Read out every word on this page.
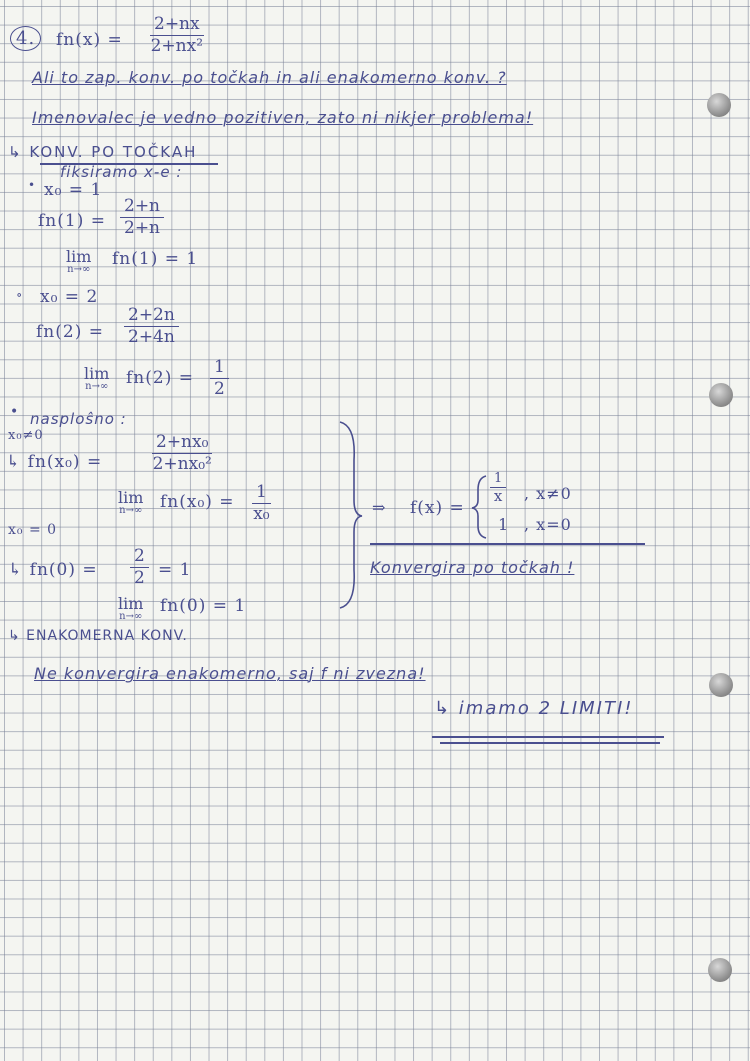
4.	$fn(x) = \frac{2+nx}{\text{2+nx²}}$
Ali to zap. konv. po točkah in ali enakomerno konv. ?
Imenovalec je vedno pozitiven, zato ni nikjer problema!
↳ KONV. PO TOČKAH
fiksiramo x-e :
• x₀ = 1
$fn(1) = \frac{2+n}{2+n}$
lim
n→∞
fn(1) = 1
∘ x₀ = 2
$fn(2) = \frac{2+2n}{2+4n}$
lim
n→∞ $fn(2) = \frac{1}{2}$
• nasploŝno :
x₀≠0
↳ fn(x₀) =	$\frac{\text{2+nx₀}}{\text{2+nx₀²}}$
lim
n→∞ $fn(x_0) = \frac{1}{\text{x₀}}$
x₀ = 0
↳ $fn(0) = \frac{2}{2} = 1$
lim
n→∞
fn(0) = 1
⇒ f(x) =
$\frac{1}{x}$ , x≠0
1 , x=0
Konvergira po točkah !
↳ ENAKOMERNA KONV.
Ne konvergira enakomerno, saj f ni zvezna!
↳ imamo 2 LIMITI!
